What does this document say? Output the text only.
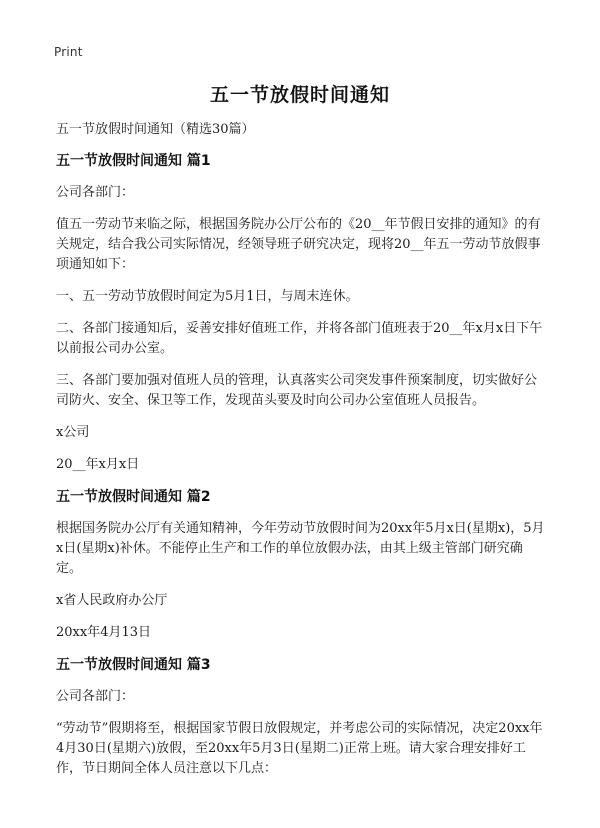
Print
五一节放假时间通知

五一节放假时间通知（精选30篇）

五一节放假时间通知 篇1

公司各部门：

值五一劳动节来临之际，根据国务院办公厅公布的《20__年节假日安排的通知》的有关规定，结合我公司实际情况，经领导班子研究决定，现将20__年五一劳动节放假事项通知如下：

一、五一劳动节放假时间定为5月1日，与周末连休。

二、各部门接通知后，妥善安排好值班工作，并将各部门值班表于20__年x月x日下午以前报公司办公室。

三、各部门要加强对值班人员的管理，认真落实公司突发事件预案制度，切实做好公司防火、安全、保卫等工作，发现苗头要及时向公司办公室值班人员报告。

x公司

20__年x月x日

五一节放假时间通知 篇2

根据国务院办公厅有关通知精神，今年劳动节放假时间为20xx年5月x日(星期x)，5月x日(星期x)补休。不能停止生产和工作的单位放假办法，由其上级主管部门研究确定。

x省人民政府办公厅

20xx年4月13日

五一节放假时间通知 篇3

公司各部门：

“劳动节”假期将至，根据国家节假日放假规定，并考虑公司的实际情况，决定20xx年4月30日(星期六)放假，至20xx年5月3日(星期二)正常上班。请大家合理安排好工作，节日期间全体人员注意以下几点：
